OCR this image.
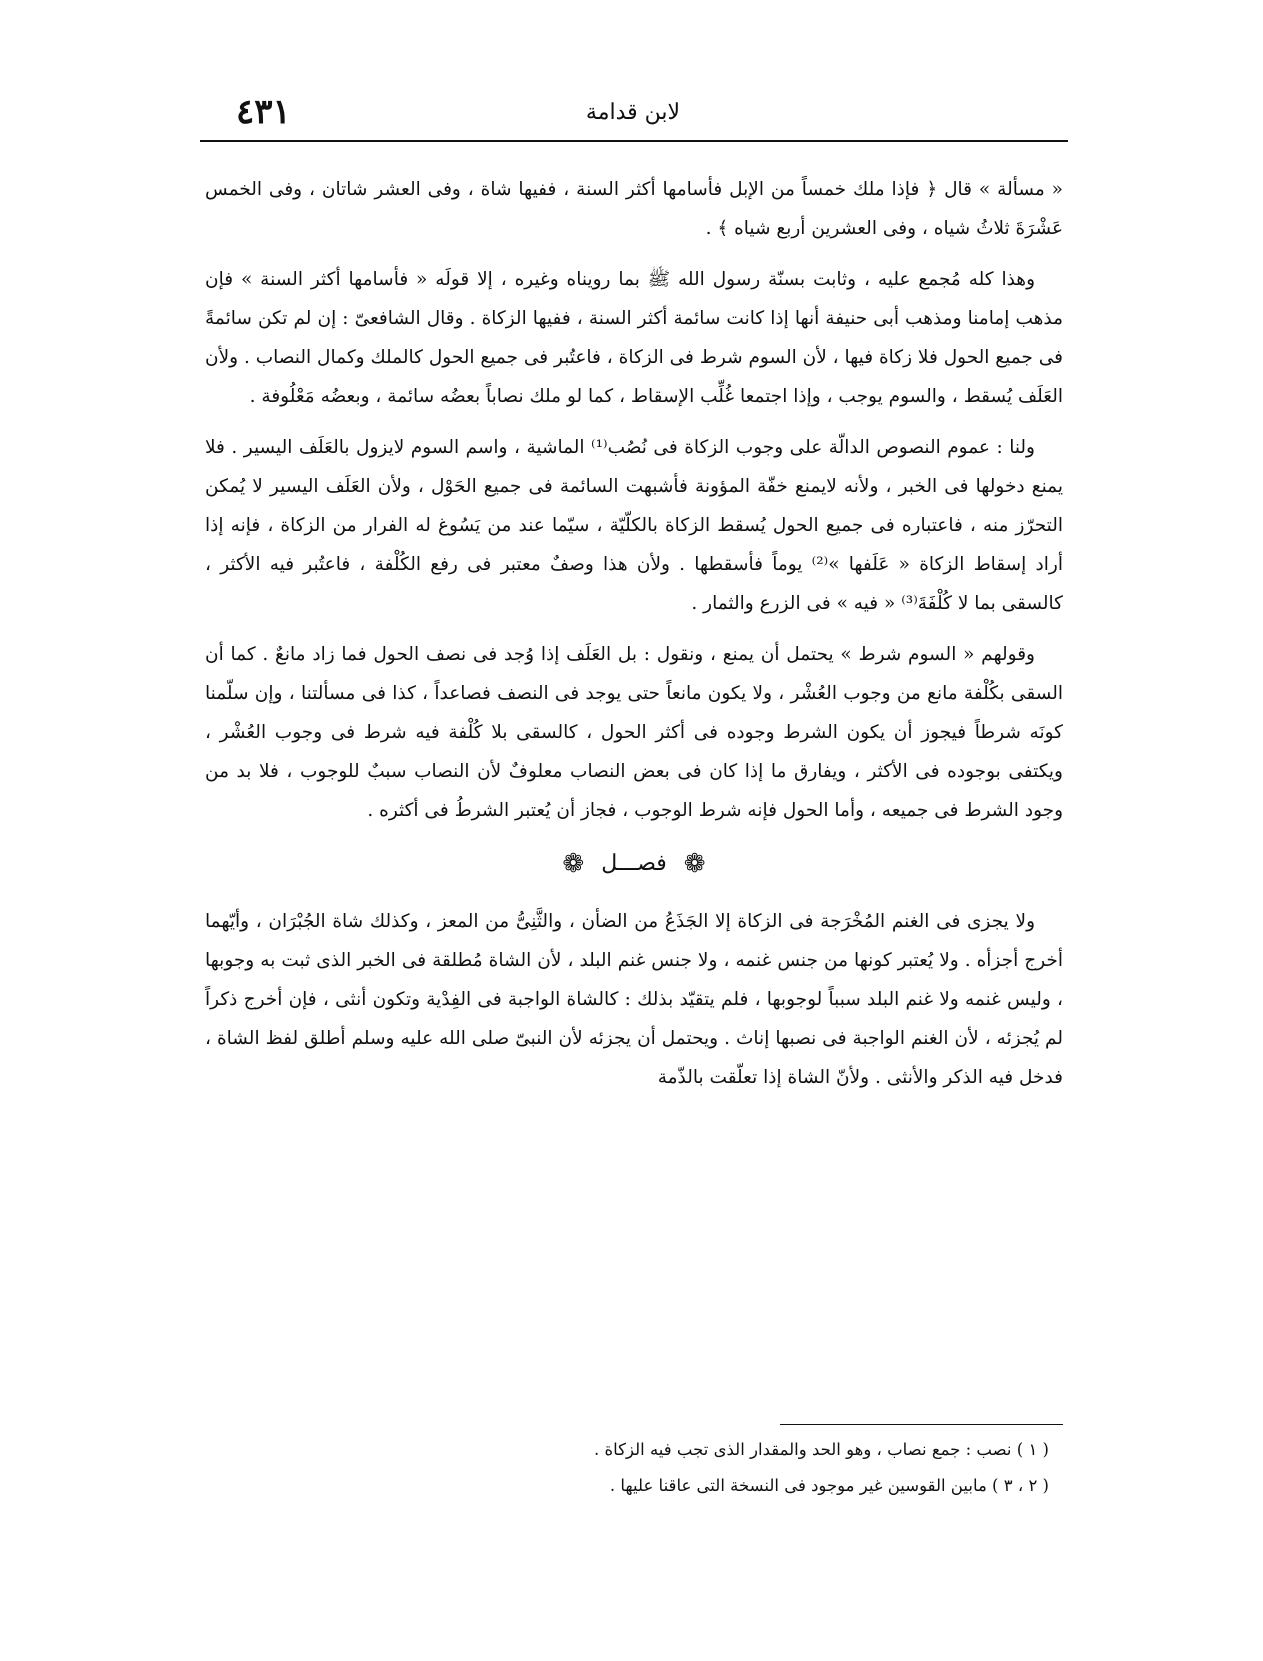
٤٣١	لابن قدامة

« مسألة » قال ﴿ فإذا ملك خمساً من الإبل فأسامها أكثر السنة ، ففيها شاة ، وفى العشر شاتان ، وفى الخمس عَشْرَةَ ثلاثُ شياه ، وفى العشرين أربع شياه ﴾ .

وهذا كله مُجمع عليه ، وثابت بسنّة رسول الله ﷺ بما رويناه وغيره ، إلا قولَه « فأسامها أكثر السنة » فإن مذهب إمامنا ومذهب أبى حنيفة أنها إذا كانت سائمة أكثر السنة ، ففيها الزكاة . وقال الشافعىّ : إن لم تكن سائمةً فى جميع الحول فلا زكاة فيها ، لأن السوم شرط فى الزكاة ، فاعتُبر فى جميع الحول كالملك وكمال النصاب . ولأن العَلَف يُسقط ، والسوم يوجب ، وإذا اجتمعا غُلِّب الإسقاط ، كما لو ملك نصاباً بعضُه سائمة ، وبعضُه مَعْلُوفة .

ولنا : عموم النصوص الدالّة على وجوب الزكاة فى نُصُب⁽¹⁾ الماشية ، واسم السوم لايزول بالعَلَف اليسير . فلا يمنع دخولها فى الخبر ، ولأنه لايمنع خفّة المؤونة فأشبهت السائمة فى جميع الحَوْل ، ولأن العَلَف اليسير لا يُمكن التحرّز منه ، فاعتباره فى جميع الحول يُسقط الزكاة بالكلّيّة ، سيّما عند من يَسُوغ له الفرار من الزكاة ، فإنه إذا أراد إسقاط الزكاة « عَلَفها »⁽²⁾ يوماً فأسقطها . ولأن هذا وصفٌ معتبر فى رفع الكُلْفة ، فاعتُبر فيه الأكثر ، كالسقى بما لا كُلْفَةَ⁽³⁾ « فيه » فى الزرع والثمار .

وقولهم « السوم شرط » يحتمل أن يمنع ، ونقول : بل العَلَف إذا وُجد فى نصف الحول فما زاد مانعٌ . كما أن السقى بكُلْفة مانع من وجوب العُشْر ، ولا يكون مانعاً حتى يوجد فى النصف فصاعداً ، كذا فى مسألتنا ، وإن سلّمنا كونَه شرطاً فيجوز أن يكون الشرط وجوده فى أكثر الحول ، كالسقى بلا كُلْفة فيه شرط فى وجوب العُشْر ، ويكتفى بوجوده فى الأكثر ، ويفارق ما إذا كان فى بعض النصاب معلوفٌ لأن النصاب سببٌ للوجوب ، فلا بد من وجود الشرط فى جميعه ، وأما الحول فإنه شرط الوجوب ، فجاز أن يُعتبر الشرطُ فى أكثره .

❁ فصـــل ❁

ولا يجزى فى الغنم المُخْرَجة فى الزكاة إلا الجَذَعُ من الضأن ، والثَّنِىُّ من المعز ، وكذلك شاة الجُبْرَان ، وأيّهما أخرج أجزأه . ولا يُعتبر كونها من جنس غنمه ، ولا جنس غنم البلد ، لأن الشاة مُطلقة فى الخبر الذى ثبت به وجوبها ، وليس غنمه ولا غنم البلد سبباً لوجوبها ، فلم يتقيّد بذلك : كالشاة الواجبة فى الفِدْية وتكون أنثى ، فإن أخرج ذكراً لم يُجزئه ، لأن الغنم الواجبة فى نصبها إناث . ويحتمل أن يجزئه لأن النبىّ صلى الله عليه وسلم أطلق لفظ الشاة ، فدخل فيه الذكر والأنثى . ولأنّ الشاة إذا تعلّقت بالذّمة

( ١ ) نصب : جمع نصاب ، وهو الحد والمقدار الذى تجب فيه الزكاة .

( ٢ ، ٣ ) مابين القوسين غير موجود فى النسخة التى عاقنا عليها .
